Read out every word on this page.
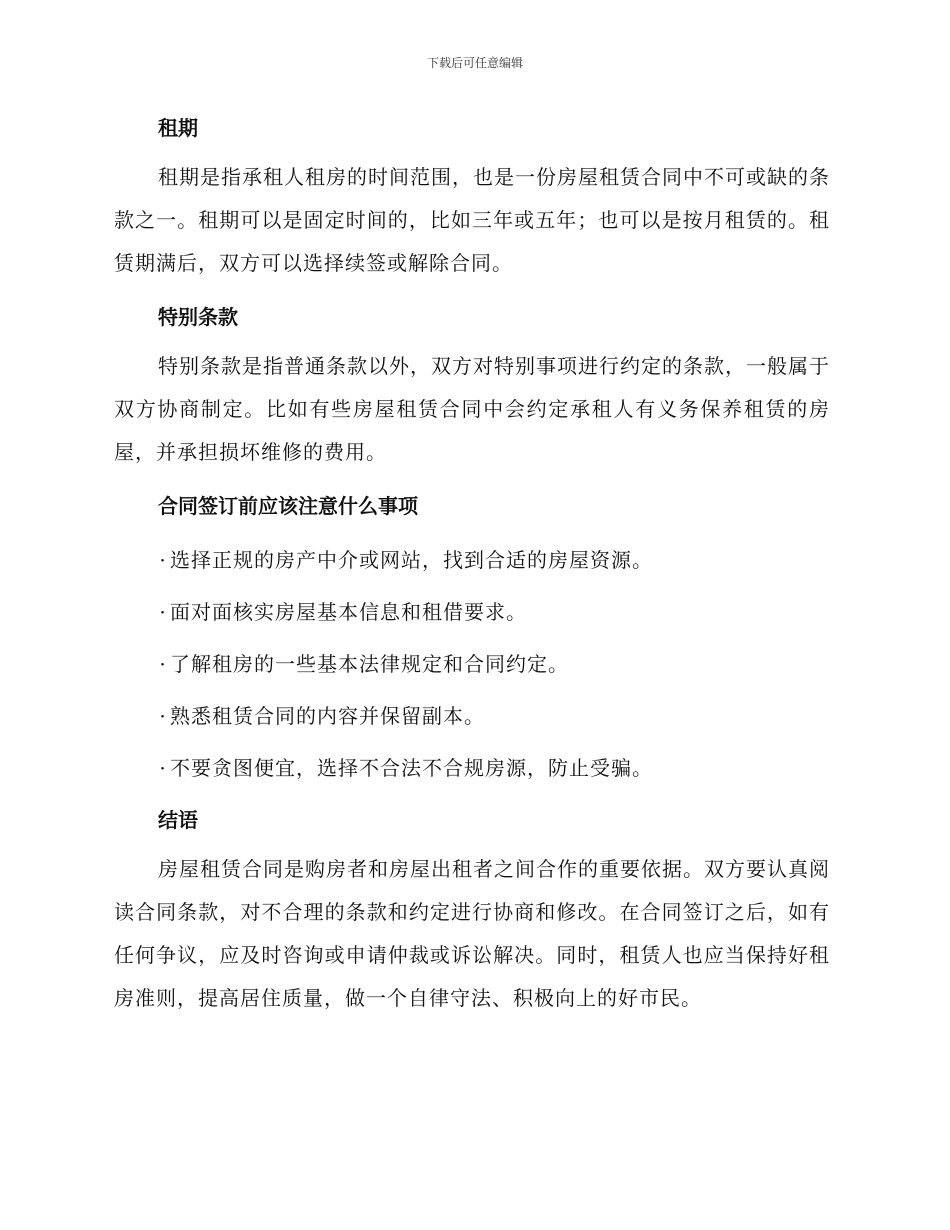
下载后可任意编辑
租期

租期是指承租人租房的时间范围，也是一份房屋租赁合同中不可或缺的条款之一。租期可以是固定时间的，比如三年或五年；也可以是按月租赁的。租赁期满后，双方可以选择续签或解除合同。

特别条款

特别条款是指普通条款以外，双方对特别事项进行约定的条款，一般属于双方协商制定。比如有些房屋租赁合同中会约定承租人有义务保养租赁的房屋，并承担损坏维修的费用。

合同签订前应该注意什么事项
· 选择正规的房产中介或网站，找到合适的房屋资源。
· 面对面核实房屋基本信息和租借要求。
· 了解租房的一些基本法律规定和合同约定。
· 熟悉租赁合同的内容并保留副本。
· 不要贪图便宜，选择不合法不合规房源，防止受骗。
结语

房屋租赁合同是购房者和房屋出租者之间合作的重要依据。双方要认真阅读合同条款，对不合理的条款和约定进行协商和修改。在合同签订之后，如有任何争议，应及时咨询或申请仲裁或诉讼解决。同时，租赁人也应当保持好租房准则，提高居住质量，做一个自律守法、积极向上的好市民。
